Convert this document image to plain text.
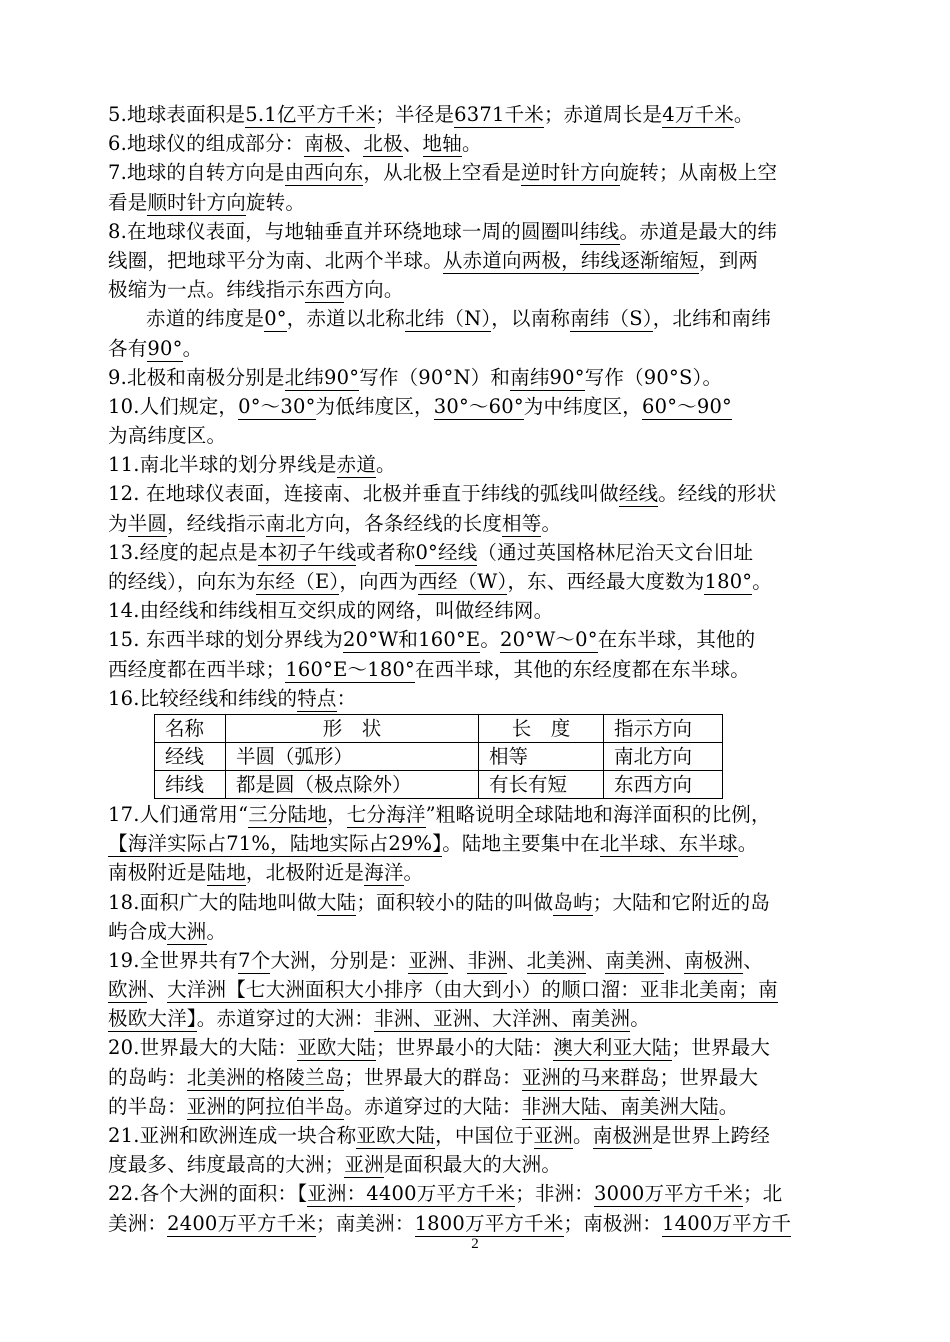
5.地球表面积是5.1亿平方千米；半径是6371千米；赤道周长是4万千米。
6.地球仪的组成部分：南极、北极、地轴。
7.地球的自转方向是由西向东，从北极上空看是逆时针方向旋转；从南极上空
看是顺时针方向旋转。
8.在地球仪表面，与地轴垂直并环绕地球一周的圆圈叫纬线。赤道是最大的纬
线圈，把地球平分为南、北两个半球。从赤道向两极，纬线逐渐缩短，到两
极缩为一点。纬线指示东西方向。
赤道的纬度是0°，赤道以北称北纬（N），以南称南纬（S），北纬和南纬
各有90°。
9.北极和南极分别是北纬90°写作（90°N）和南纬90°写作（90°S）。
10.人们规定，0°～30°为低纬度区，30°～60°为中纬度区，60°～90°
为高纬度区。
11.南北半球的划分界线是赤道。
12. 在地球仪表面，连接南、北极并垂直于纬线的弧线叫做经线。经线的形状
为半圆，经线指示南北方向，各条经线的长度相等。
13.经度的起点是本初子午线或者称0°经线（通过英国格林尼治天文台旧址
的经线），向东为东经（E），向西为西经（W），东、西经最大度数为180°。
14.由经线和纬线相互交织成的网络，叫做经纬网。
15. 东西半球的划分界线为20°W和160°E。20°W～0°在东半球，其他的
西经度都在西半球；160°E～180°在西半球，其他的东经度都在东半球。
16.比较经线和纬线的特点：
名称	形　状	长　度	指示方向
经线	半圆（弧形）	相等	南北方向
纬线	都是圆（极点除外）	有长有短	东西方向
17.人们通常用“三分陆地，七分海洋”粗略说明全球陆地和海洋面积的比例，
【海洋实际占71%，陆地实际占29%】。陆地主要集中在北半球、东半球。
南极附近是陆地，北极附近是海洋。
18.面积广大的陆地叫做大陆；面积较小的陆的叫做岛屿；大陆和它附近的岛
屿合成大洲。
19.全世界共有7个大洲，分别是：亚洲、非洲、北美洲、南美洲、南极洲、
欧洲、大洋洲【七大洲面积大小排序（由大到小）的顺口溜：亚非北美南；南
极欧大洋】。赤道穿过的大洲：非洲、亚洲、大洋洲、南美洲。
20.世界最大的大陆：亚欧大陆；世界最小的大陆：澳大利亚大陆；世界最大
的岛屿：北美洲的格陵兰岛；世界最大的群岛：亚洲的马来群岛；世界最大
的半岛：亚洲的阿拉伯半岛。赤道穿过的大陆：非洲大陆、南美洲大陆。
21.亚洲和欧洲连成一块合称亚欧大陆，中国位于亚洲。南极洲是世界上跨经
度最多、纬度最高的大洲；亚洲是面积最大的大洲。
22.各个大洲的面积：【亚洲：4400万平方千米；非洲：3000万平方千米；北
美洲：2400万平方千米；南美洲：1800万平方千米；南极洲：1400万平方千
2
